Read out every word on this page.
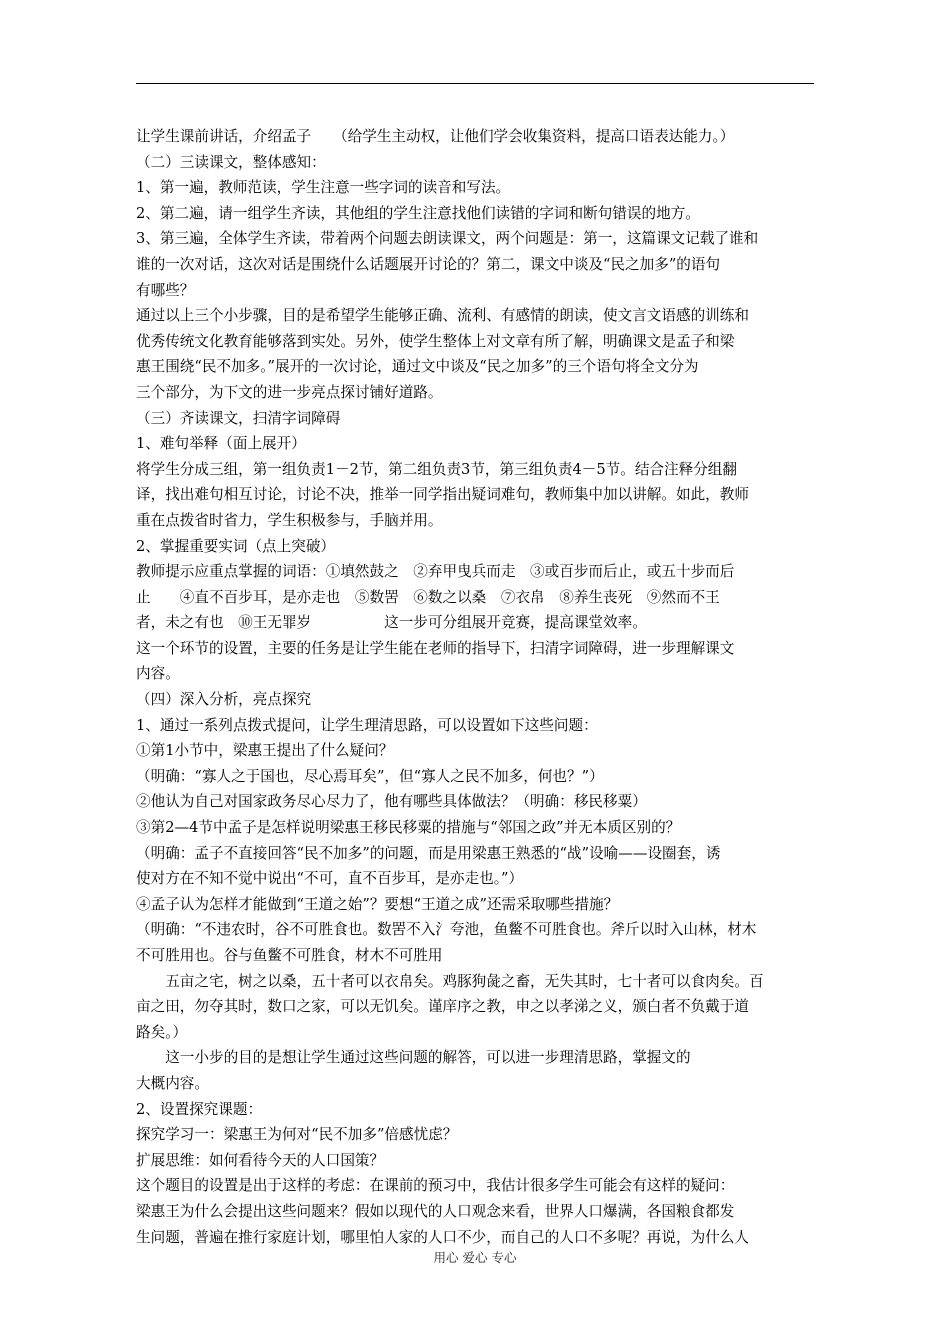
让学生课前讲话，介绍孟子　　（给学生主动权，让他们学会收集资料，提高口语表达能力。）

（二）三读课文，整体感知：

1、第一遍，教师范读，学生注意一些字词的读音和写法。

2、第二遍，请一组学生齐读，其他组的学生注意找他们读错的字词和断句错误的地方。

3、第三遍，全体学生齐读，带着两个问题去朗读课文，两个问题是：第一，这篇课文记载了谁和

谁的一次对话，这次对话是围绕什么话题展开讨论的？第二，课文中谈及“民之加多”的语句

有哪些？

通过以上三个小步骤，目的是希望学生能够正确、流利、有感情的朗读，使文言文语感的训练和

优秀传统文化教育能够落到实处。另外，使学生整体上对文章有所了解，明确课文是孟子和梁

惠王围绕“民不加多。”展开的一次讨论，通过文中谈及“民之加多”的三个语句将全文分为

三个部分，为下文的进一步亮点探讨铺好道路。

（三）齐读课文，扫清字词障碍

1、难句举释（面上展开）

将学生分成三组，第一组负责1－2节，第二组负责3节，第三组负责4－5节。结合注释分组翻

译，找出难句相互讨论，讨论不决，推举一同学指出疑词难句，教师集中加以讲解。如此，教师

重在点拨省时省力，学生积极参与，手脑并用。

2、掌握重要实词（点上突破）

教师提示应重点掌握的词语：①填然鼓之　②弃甲曳兵而走　③或百步而后止，或五十步而后

止　　④直不百步耳，是亦走也　⑤数罟　⑥数之以桑　⑦衣帛　⑧养生丧死　⑨然而不王

者，未之有也　⑩王无罪岁　　　　　这一步可分组展开竞赛，提高课堂效率。

这一个环节的设置，主要的任务是让学生能在老师的指导下，扫清字词障碍，进一步理解课文

内容。

（四）深入分析，亮点探究

1、通过一系列点拨式提问，让学生理清思路，可以设置如下这些问题：

①第1小节中，梁惠王提出了什么疑问？

（明确：“寡人之于国也，尽心焉耳矣”，但“寡人之民不加多，何也？”）

②他认为自己对国家政务尽心尽力了，他有哪些具体做法？（明确：移民移粟）

③第2—4节中孟子是怎样说明梁惠王移民移粟的措施与“邻国之政”并无本质区别的？

（明确：孟子不直接回答“民不加多”的问题，而是用梁惠王熟悉的“战”设喻——设圈套，诱

使对方在不知不觉中说出“不可，直不百步耳，是亦走也。”）

④孟子认为怎样才能做到“王道之始”？要想“王道之成”还需采取哪些措施？

（明确：“不违农时，谷不可胜食也。数罟不入氵夸池，鱼鳖不可胜食也。斧斤以时入山林，材木

不可胜用也。谷与鱼鳖不可胜食，材木不可胜用

　　五亩之宅，树之以桑，五十者可以衣帛矣。鸡豚狗彘之畜，无失其时，七十者可以食肉矣。百

亩之田，勿夺其时，数口之家，可以无饥矣。谨庠序之教，申之以孝涕之义，颁白者不负戴于道

路矣。）

　　这一小步的目的是想让学生通过这些问题的解答，可以进一步理清思路，掌握文的

大概内容。

2、设置探究课题：

探究学习一：梁惠王为何对“民不加多”倍感忧虑？

扩展思维：如何看待今天的人口国策？

这个题目的设置是出于这样的考虑：在课前的预习中，我估计很多学生可能会有这样的疑问：

梁惠王为什么会提出这些问题来？假如以现代的人口观念来看，世界人口爆满，各国粮食都发

生问题，普遍在推行家庭计划，哪里怕人家的人口不少，而自己的人口不多呢？再说，为什么人

用心 爱心 专心
